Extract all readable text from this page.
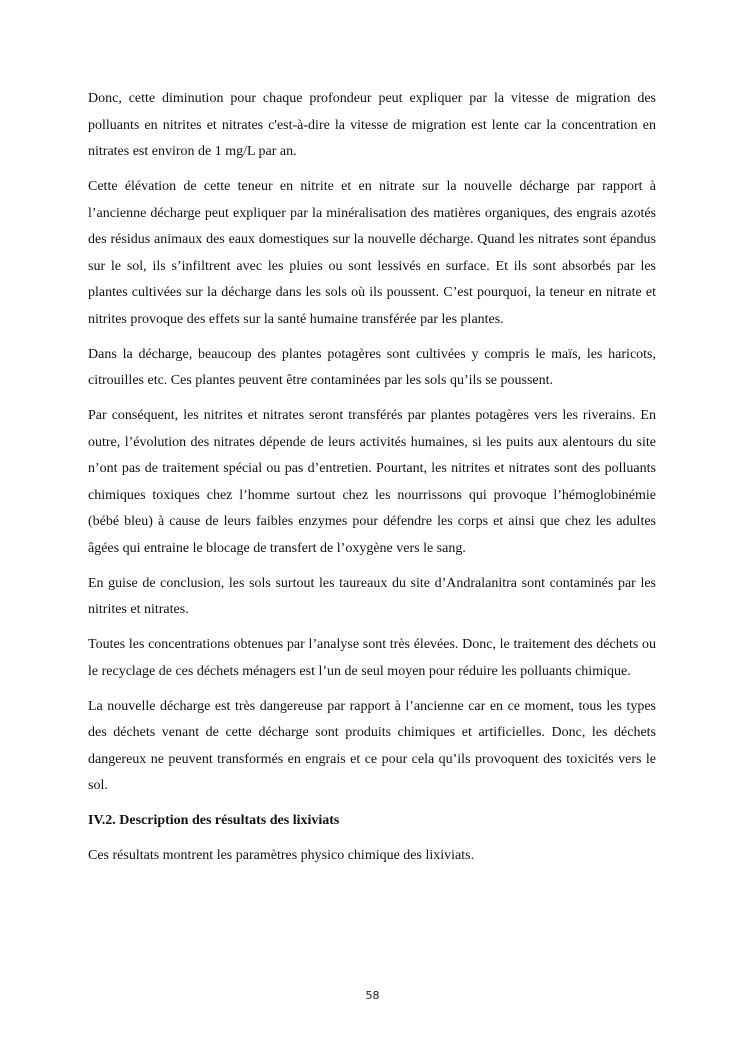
Donc, cette diminution pour chaque profondeur peut expliquer par la vitesse de migration des polluants en nitrites et nitrates c'est-à-dire la vitesse de migration est lente car la concentration en nitrates est environ de 1 mg/L par an.

Cette élévation de cette teneur en nitrite et en nitrate sur la nouvelle décharge par rapport à l’ancienne décharge peut expliquer par la minéralisation des matières organiques, des engrais azotés des résidus animaux des eaux domestiques sur la nouvelle décharge. Quand les nitrates sont épandus sur le sol, ils s’infiltrent avec les pluies ou sont lessivés en surface. Et ils sont absorbés par les plantes cultivées sur la décharge dans les sols où ils poussent. C’est pourquoi, la teneur en nitrate et nitrites provoque des effets sur la santé humaine transférée par les plantes.

Dans la décharge, beaucoup des plantes potagères sont cultivées y compris le maïs, les haricots, citrouilles etc. Ces plantes peuvent être contaminées par les sols qu’ils se poussent.

Par conséquent, les nitrites et nitrates seront transférés par plantes potagères vers les riverains. En outre, l’évolution des nitrates dépende de leurs activités humaines, si les puits aux alentours du site n’ont pas de traitement spécial ou pas d’entretien. Pourtant, les nitrites et nitrates sont des polluants chimiques toxiques chez l’homme surtout chez les nourrissons qui provoque l’hémoglobinémie (bébé bleu) à cause de leurs faibles enzymes pour défendre les corps et ainsi que chez les adultes âgées qui entraine le blocage de transfert de l’oxygène vers le sang.

En guise de conclusion, les sols surtout les taureaux du site d’Andralanitra sont contaminés par les nitrites et nitrates.

Toutes les concentrations obtenues par l’analyse sont très élevées. Donc, le traitement des déchets ou le recyclage de ces déchets ménagers est l’un de seul moyen pour réduire les polluants chimique.

La nouvelle décharge est très dangereuse par rapport à l’ancienne car en ce moment, tous les types des déchets venant de cette décharge sont produits chimiques et artificielles. Donc, les déchets dangereux ne peuvent transformés en engrais et ce pour cela qu’ils provoquent des toxicités vers le sol.

IV.2. Description des résultats des lixiviats

Ces résultats montrent les paramètres physico chimique des lixiviats.

58
